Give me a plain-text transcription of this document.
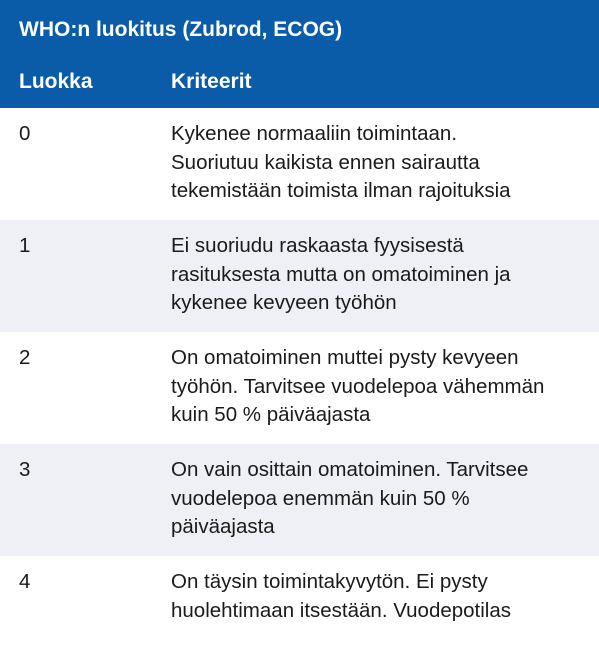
WHO:n luokitus (Zubrod, ECOG)
Luokka	Kriteerit
0	Kykenee normaaliin toimintaan.
Suoriutuu kaikista ennen sairautta
tekemistään toimista ilman rajoituksia
1	Ei suoriudu raskaasta fyysisestä
rasituksesta mutta on omatoiminen ja
kykenee kevyeen työhön
2	On omatoiminen muttei pysty kevyeen
työhön. Tarvitsee vuodelepoa vähemmän
kuin 50 % päiväajasta
3	On vain osittain omatoiminen. Tarvitsee
vuodelepoa enemmän kuin 50 %
päiväajasta
4	On täysin toimintakyvytön. Ei pysty
huolehtimaan itsestään. Vuodepotilas
